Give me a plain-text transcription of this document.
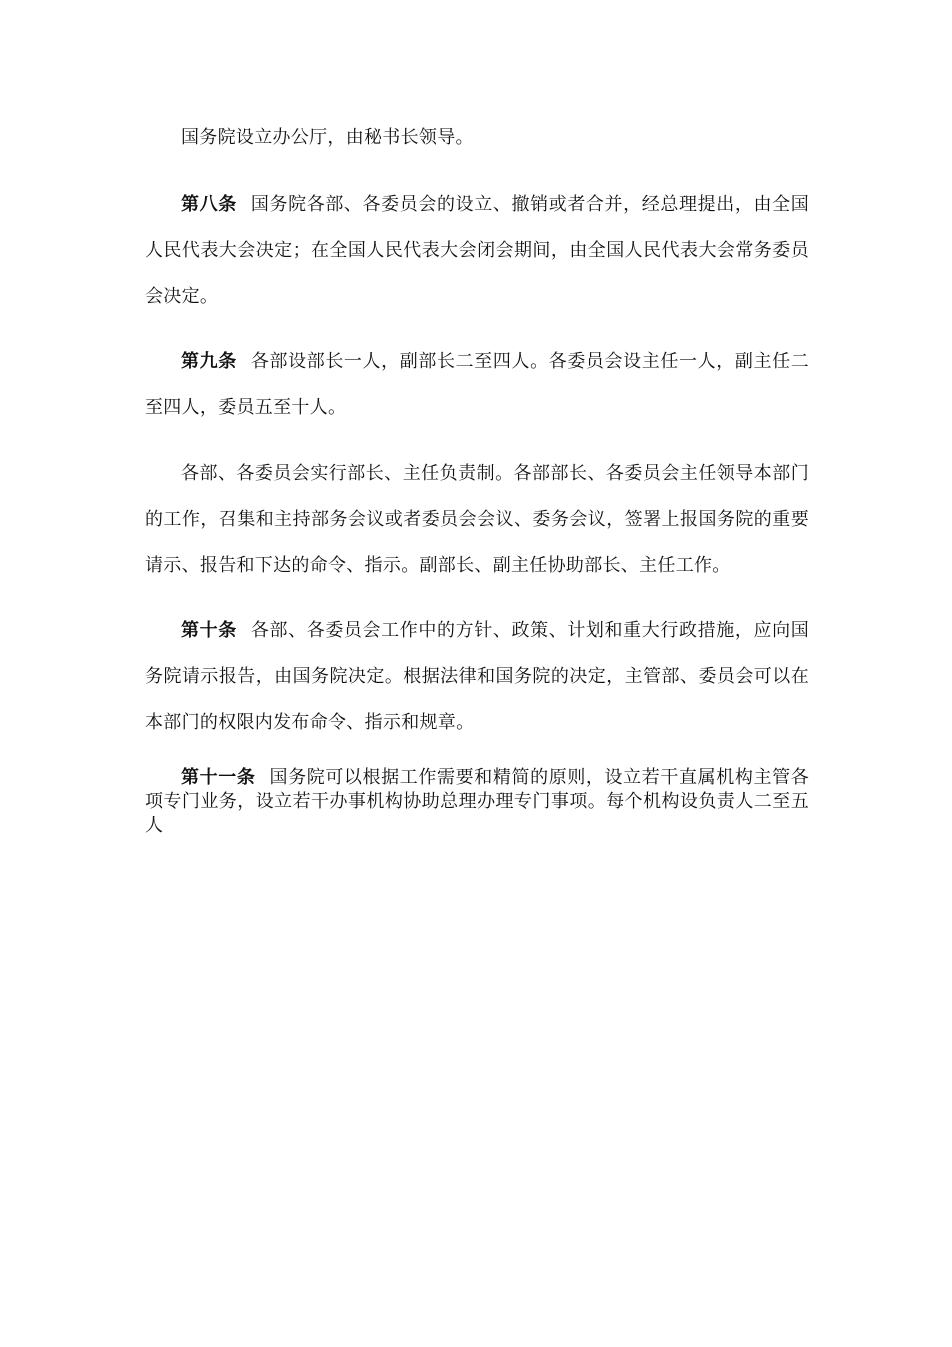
国务院设立办公厅，由秘书长领导。

第八条 国务院各部、各委员会的设立、撤销或者合并，经总理提出，由全国人民代表大会决定；在全国人民代表大会闭会期间，由全国人民代表大会常务委员会决定。

第九条 各部设部长一人，副部长二至四人。各委员会设主任一人，副主任二至四人，委员五至十人。

各部、各委员会实行部长、主任负责制。各部部长、各委员会主任领导本部门的工作，召集和主持部务会议或者委员会会议、委务会议，签署上报国务院的重要请示、报告和下达的命令、指示。副部长、副主任协助部长、主任工作。

第十条 各部、各委员会工作中的方针、政策、计划和重大行政措施，应向国务院请示报告，由国务院决定。根据法律和国务院的决定，主管部、委员会可以在本部门的权限内发布命令、指示和规章。

第十一条 国务院可以根据工作需要和精简的原则，设立若干直属机构主管各项专门业务，设立若干办事机构协助总理办理专门事项。每个机构设负责人二至五人
